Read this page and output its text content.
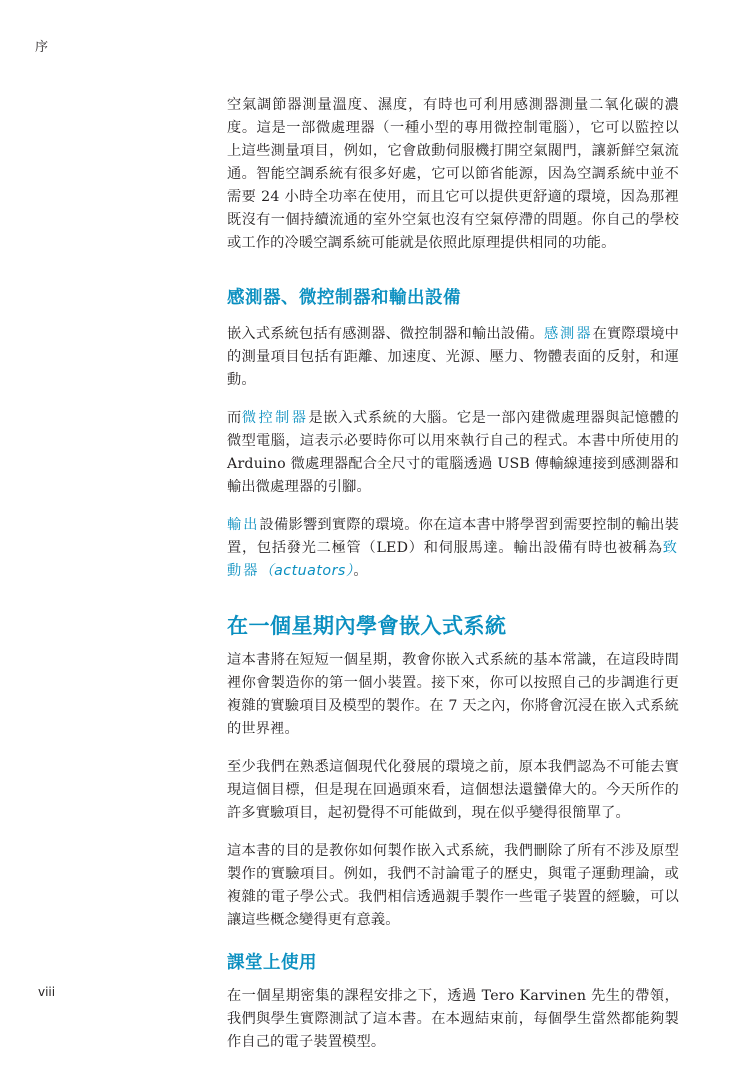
序

空氣調節器測量溫度、濕度，有時也可利用感測器測量二氧化碳的濃度。這是一部微處理器（一種小型的專用微控制電腦），它可以監控以上這些測量項目，例如，它會啟動伺服機打開空氣閥門，讓新鮮空氣流通。智能空調系統有很多好處，它可以節省能源，因為空調系統中並不需要 24 小時全功率在使用，而且它可以提供更舒適的環境，因為那裡既沒有一個持續流通的室外空氣也沒有空氣停滯的問題。你自己的學校或工作的冷暖空調系統可能就是依照此原理提供相同的功能。

感測器、微控制器和輸出設備

嵌入式系統包括有感測器、微控制器和輸出設備。感測器在實際環境中的測量項目包括有距離、加速度、光源、壓力、物體表面的反射，和運動。

而微控制器是嵌入式系統的大腦。它是一部內建微處理器與記憶體的微型電腦，這表示必要時你可以用來執行自己的程式。本書中所使用的 Arduino 微處理器配合全尺寸的電腦透過 USB 傳輸線連接到感測器和輸出微處理器的引腳。

輸出設備影響到實際的環境。你在這本書中將學習到需要控制的輸出裝置，包括發光二極管（LED）和伺服馬達。輸出設備有時也被稱為致動器（actuators）。

在一個星期內學會嵌入式系統

這本書將在短短一個星期，教會你嵌入式系統的基本常識，在這段時間裡你會製造你的第一個小裝置。接下來，你可以按照自己的步調進行更複雜的實驗項目及模型的製作。在 7 天之內，你將會沉浸在嵌入式系統的世界裡。

至少我們在熟悉這個現代化發展的環境之前，原本我們認為不可能去實現這個目標，但是現在回過頭來看，這個想法還蠻偉大的。今天所作的許多實驗項目，起初覺得不可能做到，現在似乎變得很簡單了。

這本書的目的是教你如何製作嵌入式系統，我們刪除了所有不涉及原型製作的實驗項目。例如，我們不討論電子的歷史，與電子運動理論，或複雜的電子學公式。我們相信透過親手製作一些電子裝置的經驗，可以讓這些概念變得更有意義。

課堂上使用

在一個星期密集的課程安排之下，透過 Tero Karvinen 先生的帶領，我們與學生實際測試了這本書。在本週結束前，每個學生當然都能夠製作自己的電子裝置模型。

viii
